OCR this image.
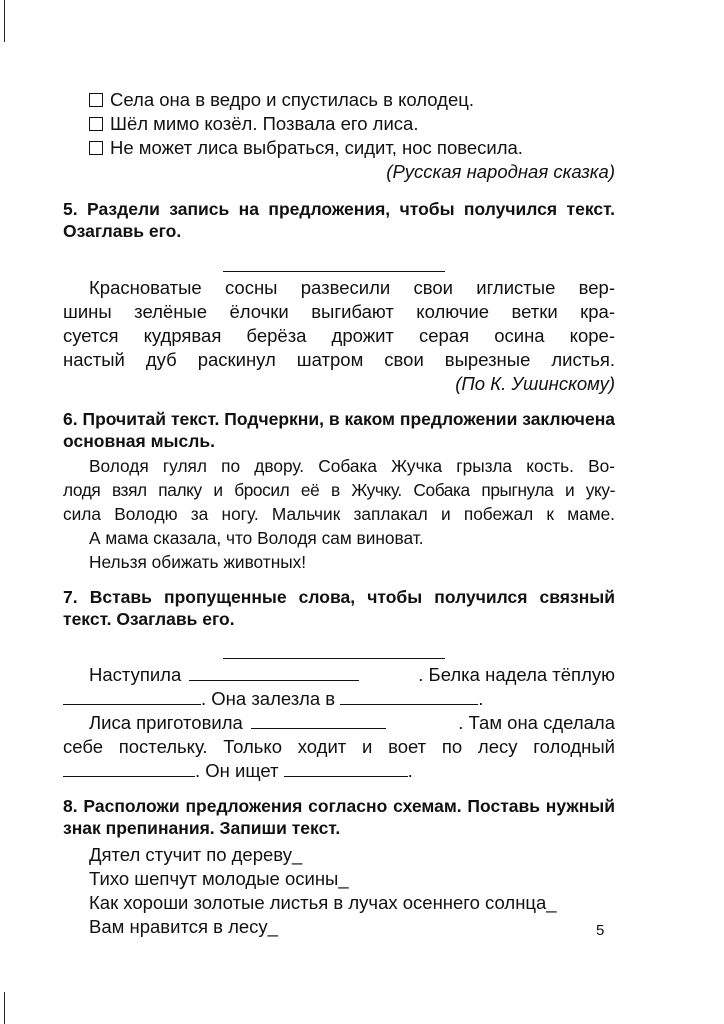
Села она в ведро и спустилась в колодец.
Шёл мимо козёл. Позвала его лиса.
Не может лиса выбраться, сидит, нос повесила.
(Русская народная сказка)
5. Раздели запись на предложения, чтобы получился текст. Озаглавь его.
Красноватые сосны развесили свои иглистые вер-
шины зелёные ёлочки выгибают колючие ветки кра-
суется кудрявая берёза дрожит серая осина коре-
настый дуб раскинул шатром свои вырезные листья.
(По К. Ушинскому)
6. Прочитай текст. Подчеркни, в каком предложении заключена основная мысль.
Володя гулял по двору. Собака Жучка грызла кость. Во-
лодя взял палку и бросил её в Жучку. Собака прыгнула и уку-
сила Володю за ногу. Мальчик заплакал и побежал к маме.
А мама сказала, что Володя сам виноват.
Нельзя обижать животных!
7. Вставь пропущенные слова, чтобы получился связный текст. Озаглавь его.
Наступила	. Белка надела тёплую
. Она залезла в	.
Лиса приготовила	. Там она сделала
себе постельку. Только ходит и воет по лесу голодный
. Он ищет	.
8. Расположи предложения согласно схемам. Поставь нужный знак препинания. Запиши текст.
Дятел стучит по дереву_
Тихо шепчут молодые осины_
Как хороши золотые листья в лучах осеннего солнца_
Вам нравится в лесу_	5
